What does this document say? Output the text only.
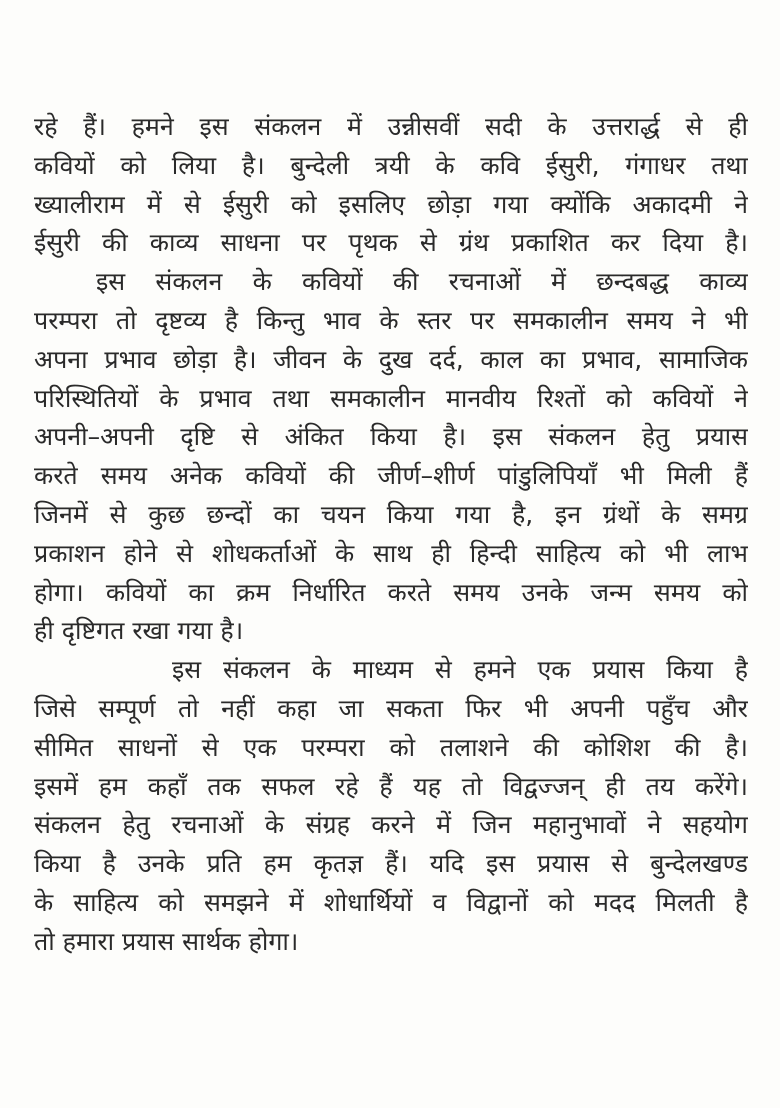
रहे हैं। हमने इस संकलन में उन्नीसवीं सदी के उत्तरार्द्ध से ही
कवियों को लिया है। बुन्देली त्रयी के कवि ईसुरी, गंगाधर तथा
ख्यालीराम में से ईसुरी को इसलिए छोड़ा गया क्योंकि अकादमी ने
ईसुरी की काव्य साधना पर पृथक से ग्रंथ प्रकाशित कर दिया है।
इस संकलन के कवियों की रचनाओं में छन्दबद्ध काव्य
परम्परा तो दृष्टव्य है किन्तु भाव के स्तर पर समकालीन समय ने भी
अपना प्रभाव छोड़ा है। जीवन के दुख दर्द, काल का प्रभाव, सामाजिक
परिस्थितियों के प्रभाव तथा समकालीन मानवीय रिश्तों को कवियों ने
अपनी–अपनी दृष्टि से अंकित किया है। इस संकलन हेतु प्रयास
करते समय अनेक कवियों की जीर्ण–शीर्ण पांडुलिपियाँ भी मिली हैं
जिनमें से कुछ छन्दों का चयन किया गया है, इन ग्रंथों के समग्र
प्रकाशन होने से शोधकर्ताओं के साथ ही हिन्दी साहित्य को भी लाभ
होगा। कवियों का क्रम निर्धारित करते समय उनके जन्म समय को
ही दृष्टिगत रखा गया है।
इस संकलन के माध्यम से हमने एक प्रयास किया है
जिसे सम्पूर्ण तो नहीं कहा जा सकता फिर भी अपनी पहुँच और
सीमित साधनों से एक परम्परा को तलाशने की कोशिश की है।
इसमें हम कहाँ तक सफल रहे हैं यह तो विद्वज्जन् ही तय करेंगे।
संकलन हेतु रचनाओं के संग्रह करने में जिन महानुभावों ने सहयोग
किया है उनके प्रति हम कृतज्ञ हैं। यदि इस प्रयास से बुन्देलखण्ड
के साहित्य को समझने में शोधार्थियों व विद्वानों को मदद मिलती है
तो हमारा प्रयास सार्थक होगा।
